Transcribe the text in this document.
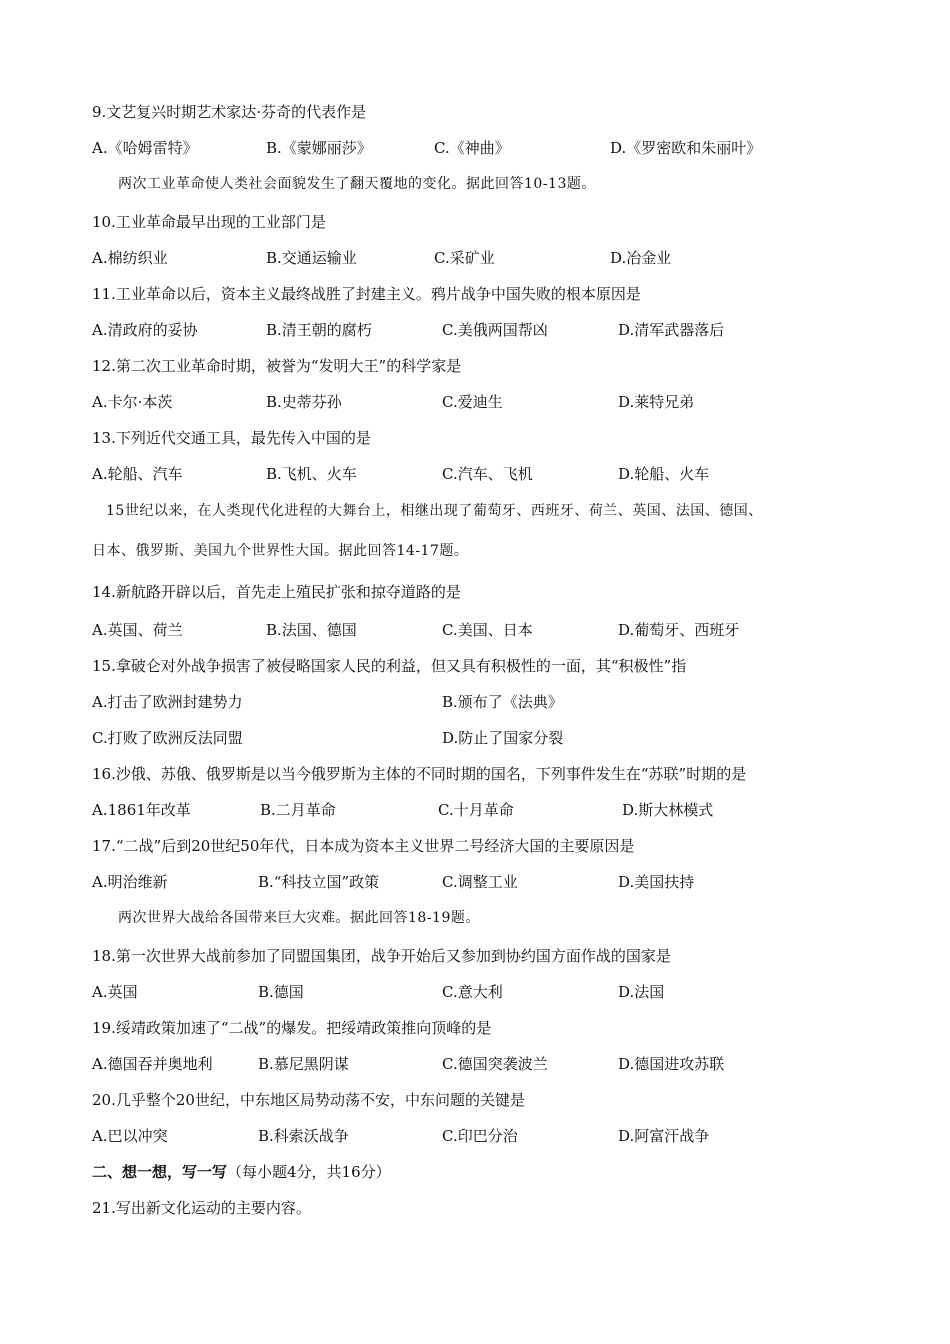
9.文艺复兴时期艺术家达·芬奇的代表作是
A.《哈姆雷特》	B.《蒙娜丽莎》	C.《神曲》	D.《罗密欧和朱丽叶》
两次工业革命使人类社会面貌发生了翻天覆地的变化。据此回答10-13题。
10.工业革命最早出现的工业部门是
A.棉纺织业	B.交通运输业	C.采矿业	D.冶金业
11.工业革命以后，资本主义最终战胜了封建主义。鸦片战争中国失败的根本原因是
A.清政府的妥协	B.清王朝的腐朽	C.美俄两国帮凶	D.清军武器落后
12.第二次工业革命时期，被誉为“发明大王”的科学家是
A.卡尔·本茨	B.史蒂芬孙	C.爱迪生	D.莱特兄弟
13.下列近代交通工具，最先传入中国的是
A.轮船、汽车	B.飞机、火车	C.汽车、飞机	D.轮船、火车
15世纪以来，在人类现代化进程的大舞台上，相继出现了葡萄牙、西班牙、荷兰、英国、法国、德国、
日本、俄罗斯、美国九个世界性大国。据此回答14-17题。
14.新航路开辟以后，首先走上殖民扩张和掠夺道路的是
A.英国、荷兰	B.法国、德国	C.美国、日本	D.葡萄牙、西班牙
15.拿破仑对外战争损害了被侵略国家人民的利益，但又具有积极性的一面，其“积极性”指
A.打击了欧洲封建势力	B.颁布了《法典》
C.打败了欧洲反法同盟	D.防止了国家分裂
16.沙俄、苏俄、俄罗斯是以当今俄罗斯为主体的不同时期的国名，下列事件发生在“苏联”时期的是
A.1861年改革	B.二月革命	C.十月革命	D.斯大林模式
17.“二战”后到20世纪50年代，日本成为资本主义世界二号经济大国的主要原因是
A.明治维新	B.“科技立国”政策	C.调整工业	D.美国扶持
两次世界大战给各国带来巨大灾难。据此回答18-19题。
18.第一次世界大战前参加了同盟国集团，战争开始后又参加到协约国方面作战的国家是
A.英国	B.德国	C.意大利	D.法国
19.绥靖政策加速了“二战”的爆发。把绥靖政策推向顶峰的是
A.德国吞并奥地利	B.慕尼黑阴谋	C.德国突袭波兰	D.德国进攻苏联
20.几乎整个20世纪，中东地区局势动荡不安，中东问题的关键是
A.巴以冲突	B.科索沃战争	C.印巴分治	D.阿富汗战争
二、想一想，写一写（每小题4分，共16分）
21.写出新文化运动的主要内容。
